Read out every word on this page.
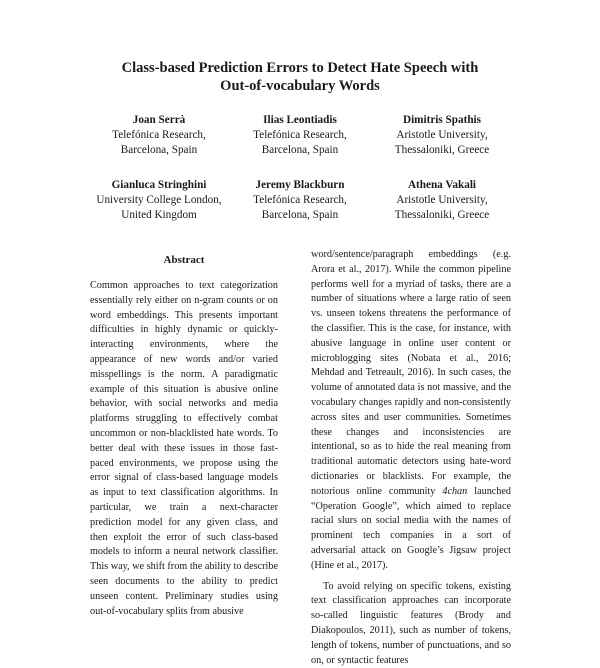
Class-based Prediction Errors to Detect Hate Speech with
Out-of-vocabulary Words
Joan Serrà
Telefónica Research,
Barcelona, Spain
Ilias Leontiadis
Telefónica Research,
Barcelona, Spain
Dimitris Spathis
Aristotle University,
Thessaloniki, Greece
Gianluca Stringhini
University College London,
United Kingdom
Jeremy Blackburn
Telefónica Research,
Barcelona, Spain
Athena Vakali
Aristotle University,
Thessaloniki, Greece
Abstract

Common approaches to text categorization essentially rely either on n-gram counts or on word embeddings. This presents important difficulties in highly dynamic or quickly-interacting environments, where the appearance of new words and/or varied misspellings is the norm. A paradigmatic example of this situation is abusive online behavior, with social networks and media platforms struggling to effectively combat uncommon or non-blacklisted hate words. To better deal with these issues in those fast-paced environments, we propose using the error signal of class-based language models as input to text classification algorithms. In particular, we train a next-character prediction model for any given class, and then exploit the error of such class-based models to inform a neural network classifier. This way, we shift from the ability to describe seen documents to the ability to predict unseen content. Preliminary studies using out-of-vocabulary splits from abusive

word/sentence/paragraph embeddings (e.g. Arora et al., 2017). While the common pipeline performs well for a myriad of tasks, there are a number of situations where a large ratio of seen vs. unseen tokens threatens the performance of the classifier. This is the case, for instance, with abusive language in online user content or microblogging sites (Nobata et al., 2016; Mehdad and Tetreault, 2016). In such cases, the volume of annotated data is not massive, and the vocabulary changes rapidly and non-consistently across sites and user communities. Sometimes these changes and inconsistencies are intentional, so as to hide the real meaning from traditional automatic detectors using hate-word dictionaries or blacklists. For example, the notorious online community 4chan launched “Operation Google”, which aimed to replace racial slurs on social media with the names of prominent tech companies in a sort of adversarial attack on Google’s Jigsaw project (Hine et al., 2017).

To avoid relying on specific tokens, existing text classification approaches can incorporate so-called linguistic features (Brody and Diakopoulos, 2011), such as number of tokens, length of tokens, number of punctuations, and so on, or syntactic features
